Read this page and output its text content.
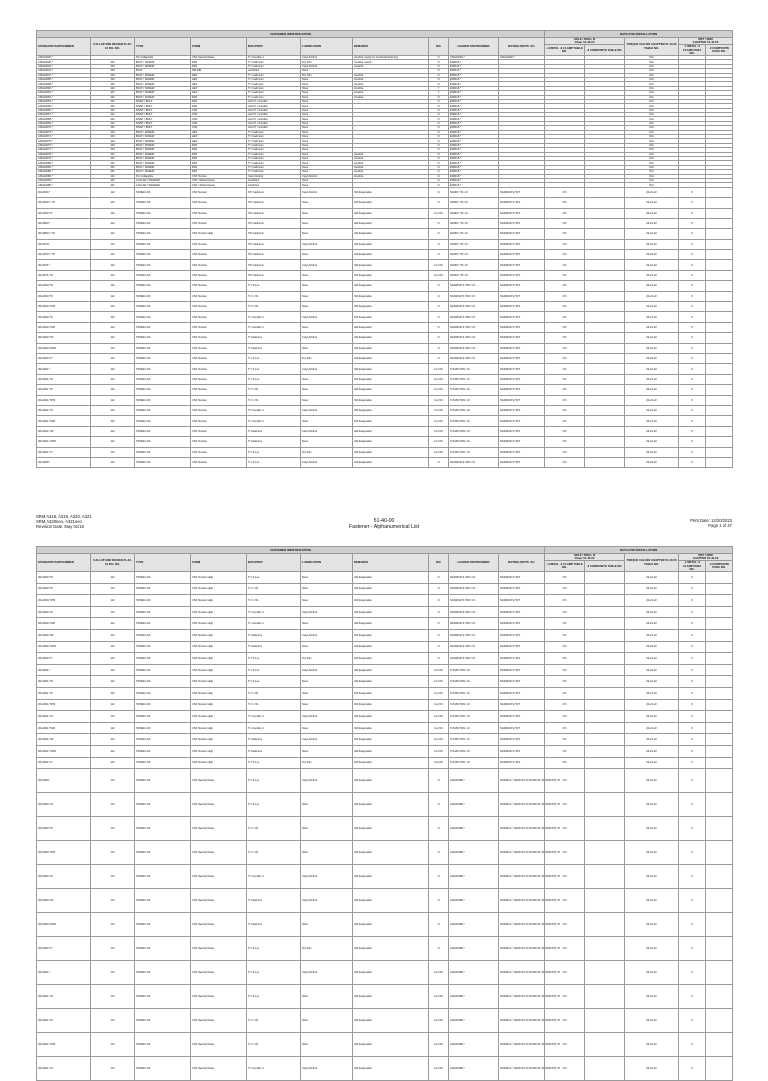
FASTENER IDENTIFICATION										DATA FOR INSTALLATION				
STANDARD PARTNUMBER	CALLUP AND DESIGN 51-40-12 FIG. NO.	TYPE	FORM	MAT./PROT.	LUBRICATION	REMARKS	DIA	LEADER PARTNUMBER	MATING PARTS <D>	HOLE / DRILL Ø
Chap. 51-40-00		TORQUE VALUES CHAPTER 51-40-00 TABLE NO.	MST / SRM
CHAPTER 51-42-00	
										-1 METAL -3 CLAMP TABLE NO.	-2 COMPOSITE TABLE NO.		-1 METAL -3 CLAMP PARA NO.	-2 COMPOSITE PARA NO.
ASNA2026-*		Pin Collapsible	CSK Special Shear	TI / Anodize 1	Cetyl Alcohol	Anodize mainly for structural fastening	N	ASNA2026-*	ASNA2026-*			N/A		
ASNA2028-*	101	BOLT / SCREW	PAN	TI / Cadmium	Dry Film	Anodize mainly	N	EN6115-*				N/A		
ASNA2042-*	103	BOLT / SCREW	PAN	TI / Cadmium	Cetyl Alcohol	Anodize	N	EN6115-*				N/A		
ASNA2043-*	103	BOLT	SPLINE	Anodized	None		N	EN6127-*				N/A		
ASNA2047-*	103	BOLT / SCREW	PAN	TI / Cadmium	Dry Film	Anodize	N	EN6115-*				N/A		
ASNA2058-*	102	BOLT / SCREW	HEX	TI / Cadmium	None	Anodize	N	EN6115-*				N/A		
ASNA2059-*	102	BOLT / SCREW	HEX	TI / Cadmium	None	Anodize	N	EN6115-*				N/A		
ASNA2060-*	102	BOLT / SCREW	HEX	TI / Cadmium	None	Anodize	Y	EN6115-*				N/A		
ASNA2061-*	101	BOLT / SCREW	HEX	TI / Cadmium	None	Anodize	Y	EN6115-*				N/A		
ASNA2062-*	102	BOLT / SCREW	PAN	TI / Cadmium	None	Anodize	N	EN6115-*				N/A		
ASNA2063-*	101	RIVET / BOLT	PAN	ALLOY / Anodize	None		N	EN6115-*				N/A		
ASNA2065-*	101	RIVET / BOLT	PAN	ALLOY / Anodize	None		N	EN6115-*				N/A		
ASNA2066-*	101	RIVET / BOLT	CSK	ALLOY / Anodize	None		N	EN6115-*				N/A		
ASNA2067-*	101	RIVET / BOLT	CSK	ALLOY / Anodize	None		N	EN6115-*				N/A		
ASNA2068-*	101	RIVET / BOLT	CSK	ALLOY / Anodize	None		N	EN6115-*				N/A		
ASNA2069-*	101	RIVET / BOLT	CSK	ALLOY / Anodize	None		N	EN6115-*				N/A		
ASNA2070-*	101	RIVET / BOLT	CSK	ALLOY / Anodize	None		N	EN6115-*				N/A		
ASNA2073-*	103	BOLT / SCREW	HEX	TI / Cadmium	None		N	EN6115-*				N/A		
ASNA2074-*	103	BOLT / SCREW	HEX	TI / Cadmium	None		N	EN6115-*				N/A		
ASNA2075-*	103	BOLT / SCREW	HEX	TI / Cadmium	None		N	EN6115-*				N/A		
ASNA2076-*	103	BOLT / SCREW	PAN	TI / Cadmium	None		N	EN6115-*				N/A		
ASNA2077-*	103	BOLT / SCREW	PAN	TI / Cadmium	None		N	EN6115-*				N/A		
ASNA2078-*	101	BOLT / SCREW	PAN	TI / Cadmium	None	Anodize	N	EN6115-*				N/A		
ASNA2079-*	101	BOLT / SCREW	PAN	TI / Cadmium	None	Anodize	N	EN6115-*				N/A		
ASNA2080-*	101	BOLT / SCREW	PAN	TI / Cadmium	None	Anodize	N	EN6115-*				N/A		
ASNA2081-*	101	BOLT / SCREW	PAN	TI / Cadmium	None	Anodize	N	EN6115-*				N/A		
ASNA2082-*	101	BOLT / SCREW	PAN	TI / Cadmium	None	Anodize	N	EN6115-*				N/A		
ASNA2083-*	101	Pin Collapsible	CSK Tension	Cetyl Alcohol	Cetyl Alcohol	Anodize	N	EN6115-*				N/A		
ASNA2084-*	101	COLLAR / WASHER	CSK / Slotted Head	Anodized	None		N	EN6115-*				N/A		
ASNA2085-*	101	COLLAR / WASHER	CSK / Slotted Head	Anodized	None		N	EN6115-*				N/A		
ZFL2830-*	112	TAPER-LOK	CSK Tension	STI Cadmium	Cetyl Alcohol	Old designation	N	N2038-*-*R-<d>	NAS6641T2-*R/T	<D>		20-21-22	6	
ZFL2830-*-*/N	112	TAPER-LOK	CSK Tension	STI Cadmium	None	Old designation	N	N2038-*-*R-<d>	NAS6641T2-*R/T	<D>		20-21-22	6	
ZFL2830-*/T	112	TAPER-LOK	CSK Tension	STI Cadmium	None	Old designation	1st O/S	N2038-*-*R-<d>	NAS6641T2-*R/T	<D>		20-21-22	6	
ZFL2850-*	112	TAPER-LOK	CSK Tension	STI Cadmium	None	Old designation	N	N2038-*-*R-<d>	NAS6641T2-*R/T	<D>		20-21-22	6	
ZFL2850-*-*/N	112	TAPER-LOK	CSK Tension High	STI Cadmium	None	Old designation	N	N2038-*-*R-<d>	NAS6641T2-*R/T	<D>		20-21-22	6	
ZFL2870-*	112	TAPER-LOK	CSK Tension	STI Cadmium	Cetyl Alcohol	Old designation	N	N2038-*-*R-<d>	NAS6641T2-*R/T	<D>		20-21-22	6	
ZFL2870-*-*/N	112	TAPER-LOK	CSK Tension	STI Cadmium	None	Old designation	N	N2038-*-*R-<d>	NAS6641T2-*R/T	<D>		20-21-22	6	
ZFL2871-*	112	TAPER-LOK	CSK Tension	STI Cadmium	Cetyl Alcohol	Old designation	1st O/S	N2038-*-*R-<d>	NAS6641T2-*R/T	<D>		20-21-22	6	
ZFL2871-*/N	112	TAPER-LOK	CSK Tension	STI Cadmium	None	Old designation	1st O/S	N2038-*-*R-<d>	NAS6641T2-*R/T	<D>		20-21-22	6	
ZFL2920-*/N	112	TAPER-LOK	CSK Tension	TI / S.A.A.	None	Old designation	N	NAS6641T2-*R/N <d>	NAS6641T2-*R/T	<D>		20-21-22	6	
ZFL2920-*/P	112	TAPER-LOK	CSK Tension	TI / I.V.D.	None	Old designation	N	NAS6641T2-*R/N <d>	NAS6641T2-*R/T	<D>		20-21-22	6	
ZFL2920-*/P/N	112	TAPER-LOK	CSK Tension	TI / I.V.D.	None	Old designation	N	NAS6641T2-*R/N <d>	NAS6641T2-*R/T	<D>		20-21-22	6	
ZFL2920-*/S	112	TAPER-LOK	CSK Tension	TI / Anodize 1	Cetyl Alcohol	Old designation	N	NAS6641T2-*R/N <d>	NAS6641T2-*R/T	<D>		20-21-22	6	
ZFL2920-*/S/N	112	TAPER-LOK	CSK Tension	TI / Anodize 1	None	Old designation	N	NAS6641T2-*R/N <d>	NAS6641T2-*R/T	<D>		20-21-22	6	
ZFL2920-*/W	112	TAPER-LOK	CSK Tension	TI Cadmium	Cetyl Alcohol	Old designation	N	NAS6641T2-*R/N <d>	NAS6641T2-*R/T	<D>		20-21-22	6	
ZFL2920-*/W/N	112	TAPER-LOK	CSK Tension	TI Cadmium	None	Old designation	N	NAS6641T2-*R/N <d>	NAS6641T2-*R/T	<D>		20-21-22	6	
ZFL2920-*/Y	112	TAPER-LOK	CSK Tension	TI / S.A.A.	Dry Film	Old designation	N	NAS6641T2-*R/N <d>	NAS6641T2-*R/T	<D>		20-21-22	6	
ZFL2921-*	112	TAPER-LOK	CSK Tension	TI / S.A.A.	Cetyl Alcohol	Old designation	1st O/S	TL5163-*R/N <d>	NAS6641T2-*R/T	<D>		20-21-22	6	
ZFL2921-*/N	112	TAPER-LOK	CSK Tension	TI / S.A.A.	None	Old designation	1st O/S	TL5163-*R/N <d>	NAS6641T2-*R/T	<D>		20-21-22	6	
ZFL2921-*/P	112	TAPER-LOK	CSK Tension	TI / I.V.D.	None	Old designation	1st O/S	TL5163-*R/N <d>	NAS6641T2-*R/T	<D>		20-21-22	6	
ZFL2921-*/P/N	112	TAPER-LOK	CSK Tension	TI / I.V.D.	None	Old designation	1st O/S	TL5163-*R/N <d>	NAS6641T2-*R/T	<D>		20-21-22	6	
ZFL2921-*/S	112	TAPER-LOK	CSK Tension	TI / Anodize 1	Cetyl Alcohol	Old designation	1st O/S	TL5163-*R/N <d>	NAS6641T2-*R/T	<D>		20-21-22	6	
ZFL2921-*/S/N	112	TAPER-LOK	CSK Tension	TI / Anodize 1	None	Old designation	1st O/S	TL5163-*R/N <d>	NAS6641T2-*R/T	<D>		20-21-22	6	
ZFL2921-*/W	112	TAPER-LOK	CSK Tension	TI Cadmium	Cetyl Alcohol	Old designation	1st O/S	TL5163-*R/N <d>	NAS6641T2-*R/T	<D>		20-21-22	6	
ZFL2921-*/W/N	112	TAPER-LOK	CSK Tension	TI Cadmium	None	Old designation	1st O/S	TL5163-*R/N <d>	NAS6641T2-*R/T	<D>		20-21-22	6	
ZFL2921-*/Y	112	TAPER-LOK	CSK Tension	TI / S.A.A.	Dry Film	Old designation	1st O/S	TL5163-*R/N <d>	NAS6641T2-*R/T	<D>		20-21-22	6	
ZFL2925-*	112	TAPER-LOK	CSK Tension	TI / S.A.A.	Cetyl Alcohol	Old designation	N	NAS6641T2-*R/N <d>	NAS6641T2-*R/T	<D>		20-21-22	6	
SRM A318, A319, A320, A321
SRM A320neo, A321neo
Revision Date: May 01/16
51-40-00
Fastener - Alphanumerical List
Print Date: 12/20/2023
Page 1 of 47
FASTENER IDENTIFICATION										DATA FOR INSTALLATION				
STANDARD PARTNUMBER	CALLUP AND DESIGN 51-40-12 FIG. NO.	TYPE	FORM	MAT./PROT.	LUBRICATION	REMARKS	DIA	LEADER PARTNUMBER	MATING PARTS <D>	HOLE / DRILL Ø
Chap. 51-40-00		TORQUE VALUES CHAPTER 51-40-00 TABLE NO.	MST / SRM
CHAPTER 51-42-00	
										-1 METAL -3 CLAMP TABLE NO.	-2 COMPOSITE TABLE NO.		-1 METAL -3 CLAMP PARA NO.	-2 COMPOSITE PARA NO.
ZFL2930-*/N	112	TAPER-LOK	CSK Tension High	TI / S.A.A.	None	Old designation	N	NAS6641T2-*R/N <d>	NAS6641T2-*R/T	<D>		20-21-22	6	
ZFL2930-*/P	112	TAPER-LOK	CSK Tension High	TI / I.V.D.	None	Old designation	N	NAS6641T2-*R/N <d>	NAS6641T2-*R/T	<D>		20-21-22	6	
ZFL2930-*/P/N	112	TAPER-LOK	CSK Tension High	TI / I.V.D.	None	Old designation	N	NAS6641T2-*R/N <d>	NAS6641T2-*R/T	<D>		20-21-22	6	
ZFL2930-*/S	112	TAPER-LOK	CSK Tension High	TI / Anodize 1	Cetyl Alcohol	Old designation	N	NAS6641T2-*R/N <d>	NAS6641T2-*R/T	<D>		20-21-22	6	
ZFL2930-*/S/N	112	TAPER-LOK	CSK Tension High	TI / Anodize 1	None	Old designation	N	NAS6641T2-*R/N <d>	NAS6641T2-*R/T	<D>		20-21-22	6	
ZFL2930-*/W	112	TAPER-LOK	CSK Tension High	TI Cadmium	Cetyl Alcohol	Old designation	N	NAS6641T2-*R/N <d>	NAS6641T2-*R/T	<D>		20-21-22	6	
ZFL2930-*/W/N	112	TAPER-LOK	CSK Tension High	TI Cadmium	None	Old designation	N	NAS6641T2-*R/N <d>	NAS6641T2-*R/T	<D>		20-21-22	6	
ZFL2930-*/Y	112	TAPER-LOK	CSK Tension High	TI / S.A.A.	Dry Film	Old designation	N	NAS6641T2-*R/N <d>	NAS6641T2-*R/T	<D>		20-21-22	6	
ZFL2931-*	112	TAPER-LOK	CSK Tension High	TI / S.A.A.	Cetyl Alcohol	Old designation	1st O/S	TL5163-*R/N <d>	NAS6641T2-*R/T	<D>		20-21-22	6	
ZFL2931-*/N	112	TAPER-LOK	CSK Tension High	TI / S.A.A.	None	Old designation	1st O/S	TL5163-*R/N <d>	NAS6641T2-*R/T	<D>		20-21-22	6	
ZFL2931-*/P	112	TAPER-LOK	CSK Tension High	TI / I.V.D.	None	Old designation	1st O/S	TL5163-*R/N <d>	NAS6641T2-*R/T	<D>		20-21-22	6	
ZFL2931-*/P/N	112	TAPER-LOK	CSK Tension High	TI / I.V.D.	None	Old designation	1st O/S	TL5163-*R/N <d>	NAS6641T2-*R/T	<D>		20-21-22	6	
ZFL2931-*/S	112	TAPER-LOK	CSK Tension High	TI / Anodize 1	Cetyl Alcohol	Old designation	1st O/S	TL5163-*R/N <d>	NAS6641T2-*R/T	<D>		20-21-22	6	
ZFL2931-*/S/N	112	TAPER-LOK	CSK Tension High	TI / Anodize 1	None	Old designation	1st O/S	TL5163-*R/N <d>	NAS6641T2-*R/T	<D>		20-21-22	6	
ZFL2931-*/W	112	TAPER-LOK	CSK Tension High	TI Cadmium	Cetyl Alcohol	Old designation	1st O/S	TL5163-*R/N <d>	NAS6641T2-*R/T	<D>		20-21-22	6	
ZFL2931-*/W/N	112	TAPER-LOK	CSK Tension High	TI Cadmium	None	Old designation	1st O/S	TL5163-*R/N <d>	NAS6641T2-*R/T	<D>		20-21-22	6	
ZFL2931-*/Y	112	TAPER-LOK	CSK Tension High	TI / S.A.A.	Dry Film	Old designation	1st O/S	TL5163-*R/N <d>	NAS6641T2-*R/T	<D>		20-21-22	6	
ZFL2960-*	112	TAPER-LOK	CSK Special Shear	TI / S.A.A.	Cetyl Alcohol	Old designation	N	ASNA1989-*	NAS6612-* NAS6713-*R NAS6714-*R NAS6715-*R	<D>		20-21-22	6	
ZFL2960-*/N	112	TAPER-LOK	CSK Special Shear	TI / S.A.A.	None	Old designation	N	ASNA1989-*	NAS6612-* NAS6713-*R NAS6714-*R NAS6715-*R	<D>		20-21-22	6	
ZFL2960-*/P	112	TAPER-LOK	CSK Special Shear	TI / I.V.D.	None	Old designation	N	ASNA1989-*	NAS6612-* NAS6713-*R NAS6714-*R NAS6715-*R	<D>		20-21-22	6	
ZFL2960-*/P/N	112	TAPER-LOK	CSK Special Shear	TI / I.V.D.	None	Old designation	N	ASNA1989-*	NAS6612-* NAS6713-*R NAS6714-*R NAS6715-*R	<D>		20-21-22	6	
ZFL2960-*/S	112	TAPER-LOK	CSK Special Shear	TI / Anodize 1	Cetyl Alcohol	Old designation	N	ASNA1989-*	NAS6612-* NAS6713-*R NAS6714-*R NAS6715-*R	<D>		20-21-22	6	
ZFL2960-*/W	112	TAPER-LOK	CSK Special Shear	TI Cadmium	Cetyl Alcohol	Old designation	N	ASNA1989-*	NAS6612-* NAS6713-*R NAS6714-*R NAS6715-*R	<D>		20-21-22	6	
ZFL2960-*/W/N	112	TAPER-LOK	CSK Special Shear	TI Cadmium	None	Old designation	N	ASNA1989-*	NAS6612-* NAS6713-*R NAS6714-*R NAS6715-*R	<D>		20-21-22	6	
ZFL2960-*/Y	112	TAPER-LOK	CSK Special Shear	TI / S.A.A.	Dry Film	Old designation	N	ASNA1989-*	NAS6612-* NAS6713-*R NAS6714-*R NAS6715-*R	<D>		20-21-22	6	
ZFL2961-*	112	TAPER-LOK	CSK Special Shear	TI / S.A.A.	Cetyl Alcohol	Old designation	1st O/S	ASNA1989-*	NAS6612-* NAS6713-*R NAS6714-*R NAS6715-*R	<D>		20-21-22	6	
ZFL2961-*/N	112	TAPER-LOK	CSK Special Shear	TI / S.A.A.	None	Old designation	1st O/S	ASNA1989-*	NAS6612-* NAS6713-*R NAS6714-*R NAS6715-*R	<D>		20-21-22	6	
ZFL2961-*/P	112	TAPER-LOK	CSK Special Shear	TI / I.V.D.	None	Old designation	1st O/S	ASNA1989-*	NAS6612-* NAS6713-*R NAS6714-*R NAS6715-*R	<D>		20-21-22	6	
ZFL2961-*/P/N	112	TAPER-LOK	CSK Special Shear	TI / I.V.D.	None	Old designation	1st O/S	ASNA1989-*	NAS6612-* NAS6713-*R NAS6714-*R NAS6715-*R	<D>		20-21-22	6	
ZFL2961-*/S	112	TAPER-LOK	CSK Special Shear	TI / Anodize 1	Cetyl Alcohol	Old designation	1st O/S	ASNA1989-*	NAS6612-* NAS6713-*R NAS6714-*R NAS6715-*R	<D>		20-21-22	6	
